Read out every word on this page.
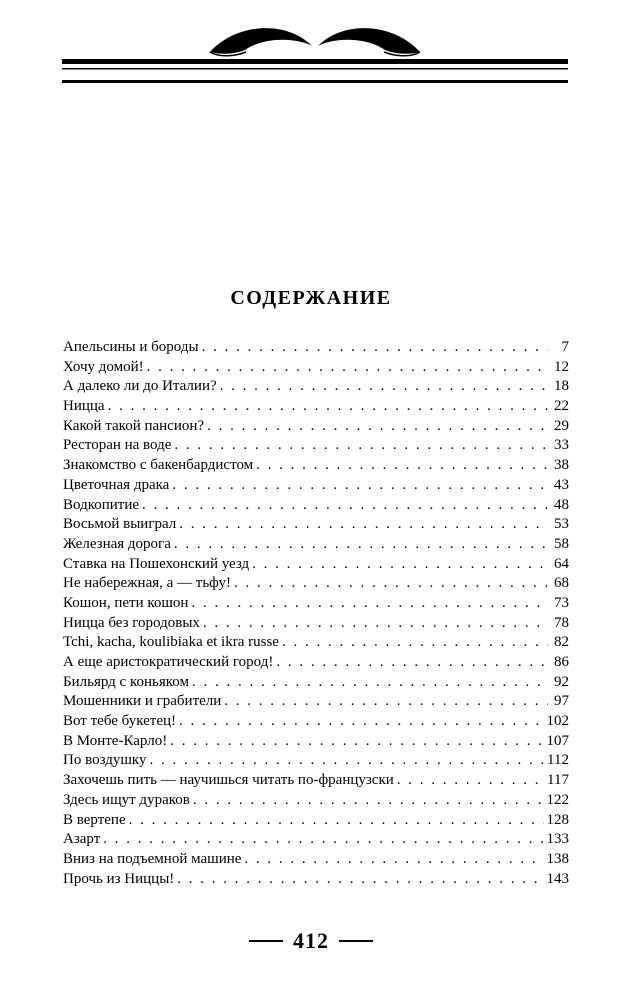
СОДЕРЖАНИЕ
Апельсины и бороды . . .	7
Хочу домой! . . .	12
А далеко ли до Италии? . . .	18
Ницца . . .	22
Какой такой пансион? . . .	29
Ресторан на воде . . .	33
Знакомство с бакенбардистом . . .	38
Цветочная драка . . .	43
Водкопитие . . .	48
Восьмой выиграл . . .	53
Железная дорога . . .	58
Ставка на Пошехонский уезд . . .	64
Не набережная, а — тьфу! . . .	68
Кошон, пети кошон . . .	73
Ницца без городовых . . .	78
Tchi, kacha, koulibiaka et ikra russe . . .	82
А еще аристократический город! . . .	86
Бильярд с коньяком . . .	92
Мошенники и грабители . . .	97
Вот тебе букетец! . . .	102
В Монте-Карло! . . .	107
По воздушку . . .	112
Захочешь пить — научишься читать по-французски . . .	117
Здесь ищут дураков . . .	122
В вертепе . . .	128
Азарт . . .	133
Вниз на подъемной машине . . .	138
Прочь из Ниццы! . . .	143
412
